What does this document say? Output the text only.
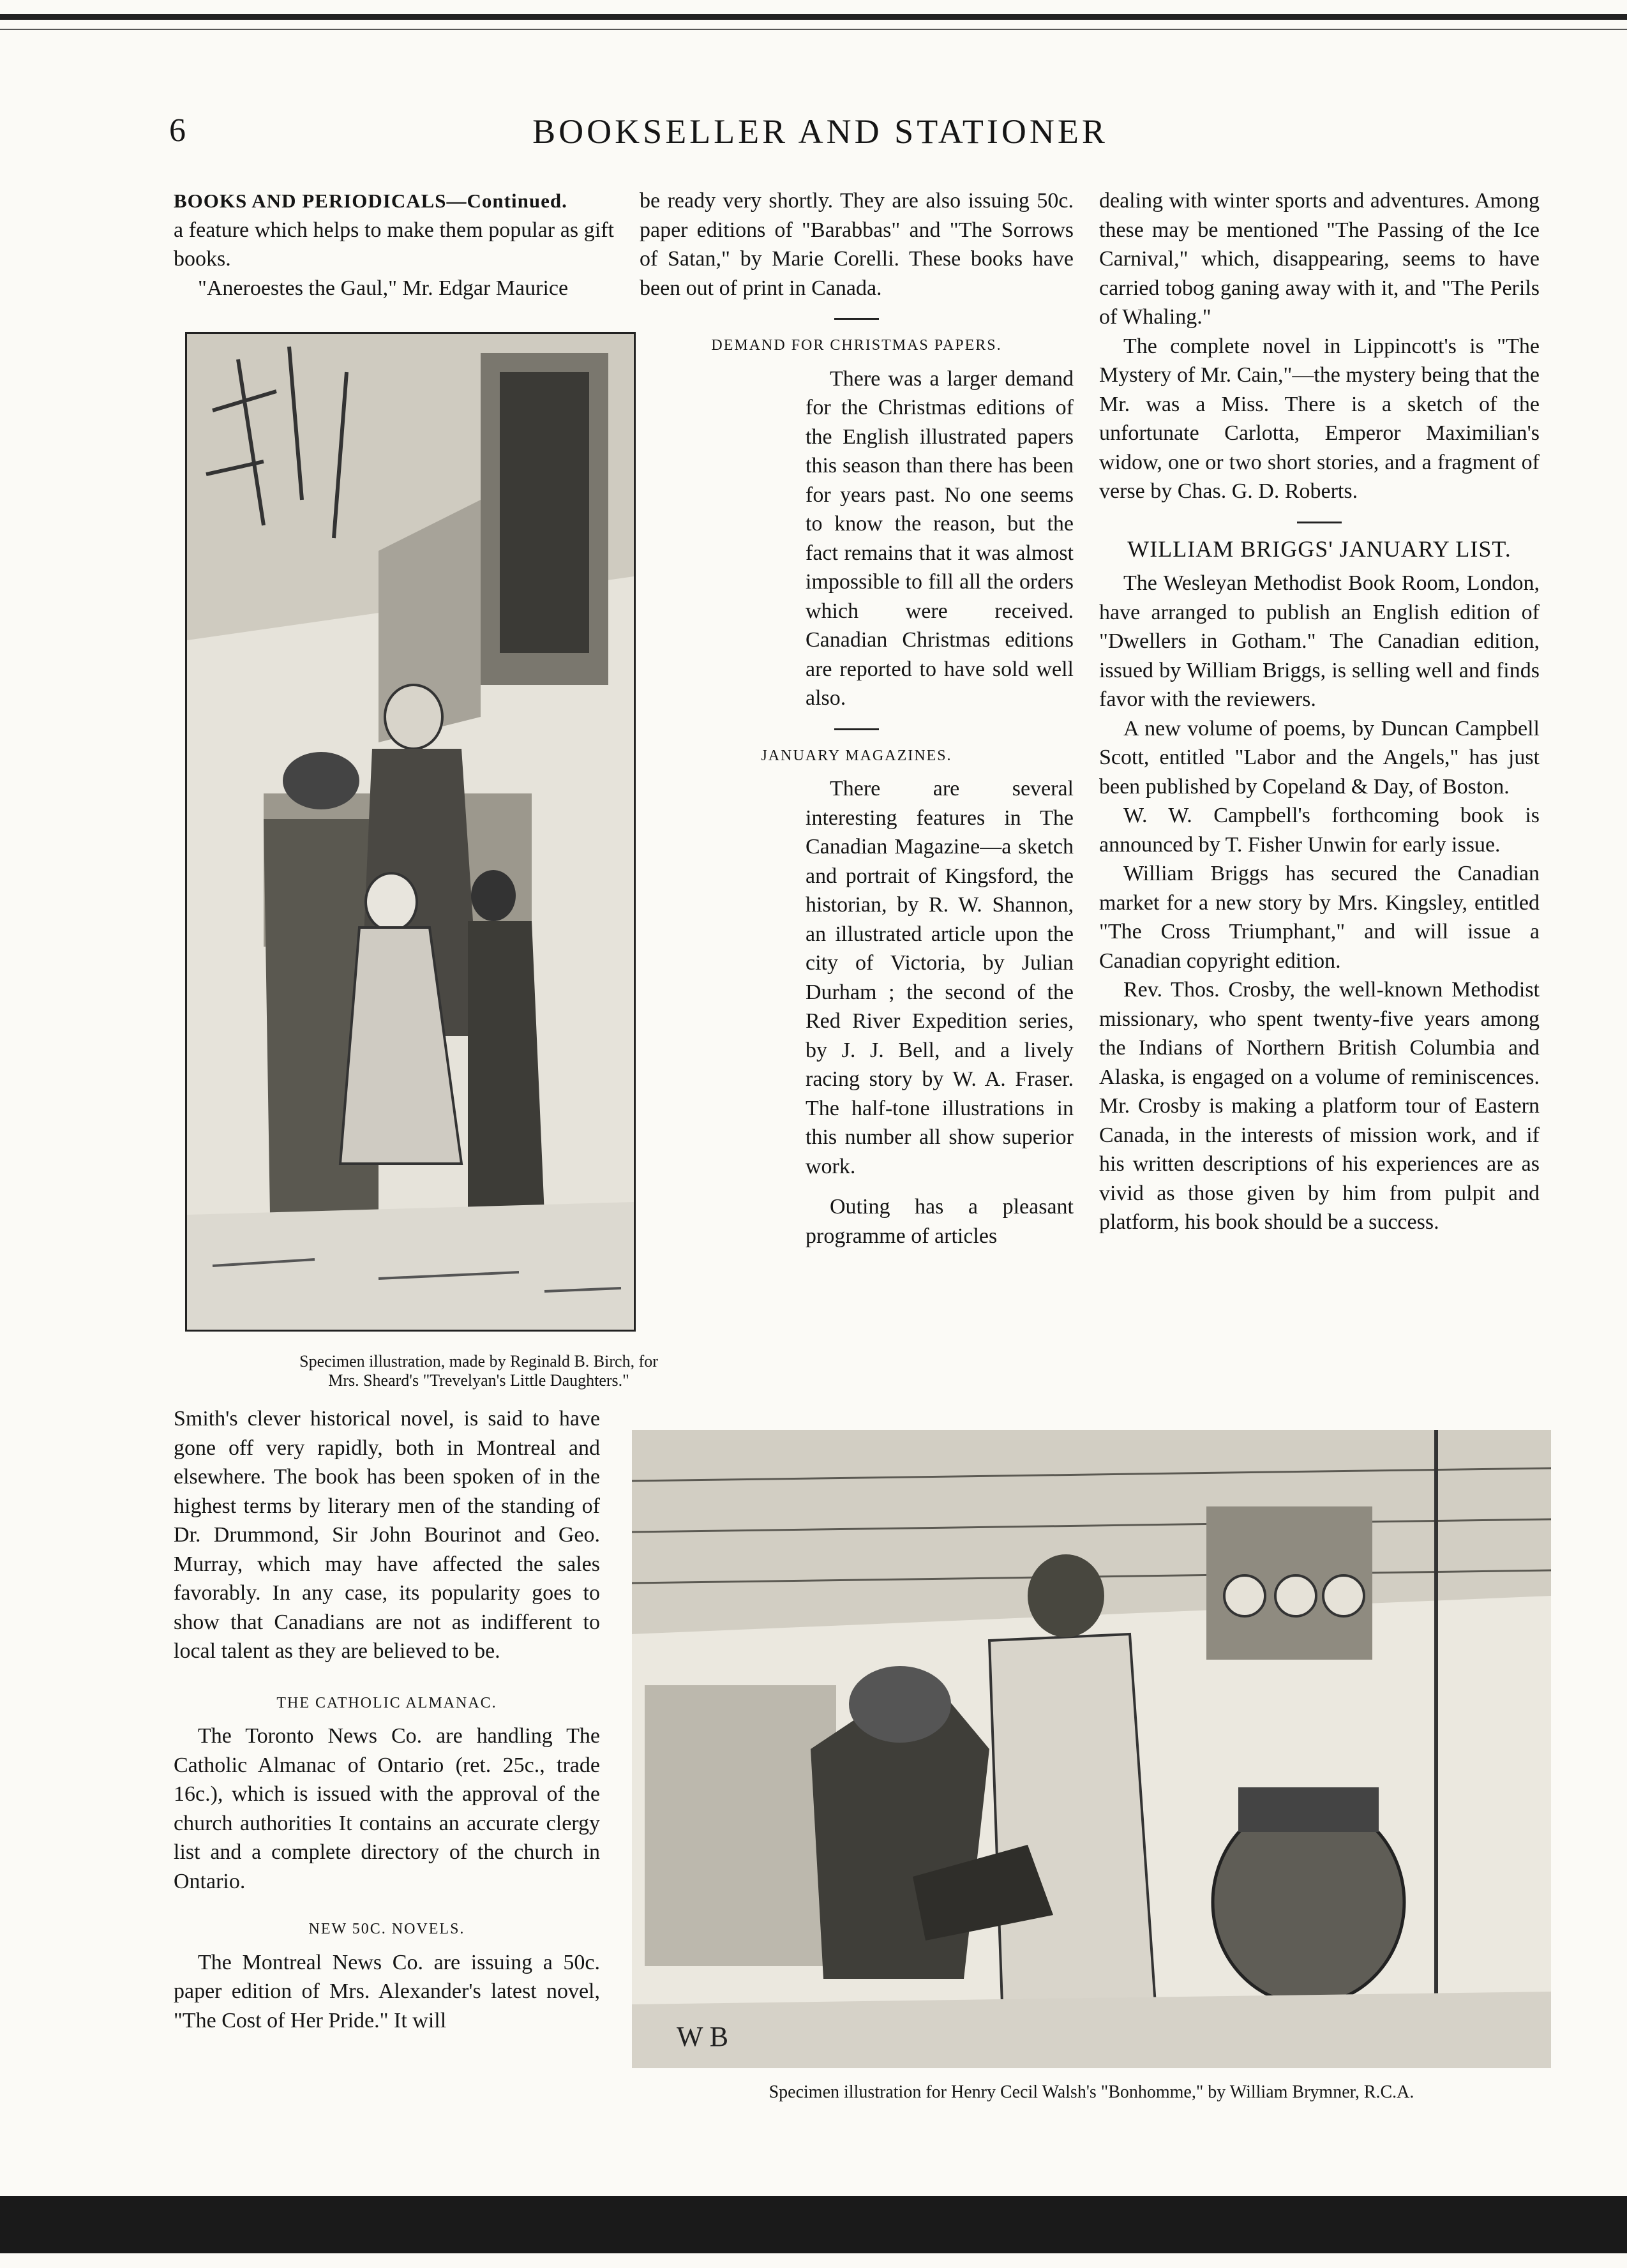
6	BOOKSELLER AND STATIONER
BOOKS AND PERIODICALS—Continued.

a feature which helps to make them popular as gift books.

"Aneroestes the Gaul," Mr. Edgar Maurice

Specimen illustration, made by Reginald B. Birch, for
Mrs. Sheard's "Trevelyan's Little Daughters."

Smith's clever historical novel, is said to have gone off very rapidly, both in Montreal and elsewhere. The book has been spoken of in the highest terms by literary men of the standing of Dr. Drummond, Sir John Bourinot and Geo. Murray, which may have affected the sales favorably. In any case, its popularity goes to show that Canadians are not as indifferent to local talent as they are believed to be.

THE CATHOLIC ALMANAC.

The Toronto News Co. are handling The Catholic Almanac of Ontario (ret. 25c., trade 16c.), which is issued with the approval of the church authorities It contains an accurate clergy list and a complete directory of the church in Ontario.

NEW 50C. NOVELS.

The Montreal News Co. are issuing a 50c. paper edition of Mrs. Alexander's latest novel, "The Cost of Her Pride." It will

be ready very shortly. They are also issuing 50c. paper editions of "Barabbas" and "The Sorrows of Satan," by Marie Corelli. These books have been out of print in Canada.

DEMAND FOR CHRISTMAS PAPERS.

There was a larger demand for the Christmas editions of the English illustrated papers this season than there has been for years past. No one seems to know the reason, but the fact remains that it was almost impossible to fill all the orders which were received. Canadian Christmas editions are reported to have sold well also.

JANUARY MAGAZINES.

There are several interesting features in The Canadian Magazine—a sketch and portrait of Kingsford, the historian, by R. W. Shannon, an illustrated article upon the city of Victoria, by Julian Durham ; the second of the Red River Expedition series, by J. J. Bell, and a lively racing story by W. A. Fraser. The half-tone illustrations in this number all show superior work.

Outing has a pleasant programme of articles

dealing with winter sports and adventures. Among these may be mentioned "The Passing of the Ice Carnival," which, disappearing, seems to have carried tobog ganing away with it, and "The Perils of Whaling."

The complete novel in Lippincott's is "The Mystery of Mr. Cain,"—the mystery being that the Mr. was a Miss. There is a sketch of the unfortunate Carlotta, Emperor Maximilian's widow, one or two short stories, and a fragment of verse by Chas. G. D. Roberts.

WILLIAM BRIGGS' JANUARY LIST.

The Wesleyan Methodist Book Room, London, have arranged to publish an English edition of "Dwellers in Gotham." The Canadian edition, issued by William Briggs, is selling well and finds favor with the reviewers.

A new volume of poems, by Duncan Campbell Scott, entitled "Labor and the Angels," has just been published by Copeland & Day, of Boston.

W. W. Campbell's forthcoming book is announced by T. Fisher Unwin for early issue.

William Briggs has secured the Canadian market for a new story by Mrs. Kingsley, entitled "The Cross Triumphant," and will issue a Canadian copyright edition.

Rev. Thos. Crosby, the well-known Methodist missionary, who spent twenty-five years among the Indians of Northern British Columbia and Alaska, is engaged on a volume of reminiscences. Mr. Crosby is making a platform tour of Eastern Canada, in the interests of mission work, and if his written descriptions of his experiences are as vivid as those given by him from pulpit and platform, his book should be a success.

W B
Specimen illustration for Henry Cecil Walsh's "Bonhomme," by William Brymner, R.C.A.
